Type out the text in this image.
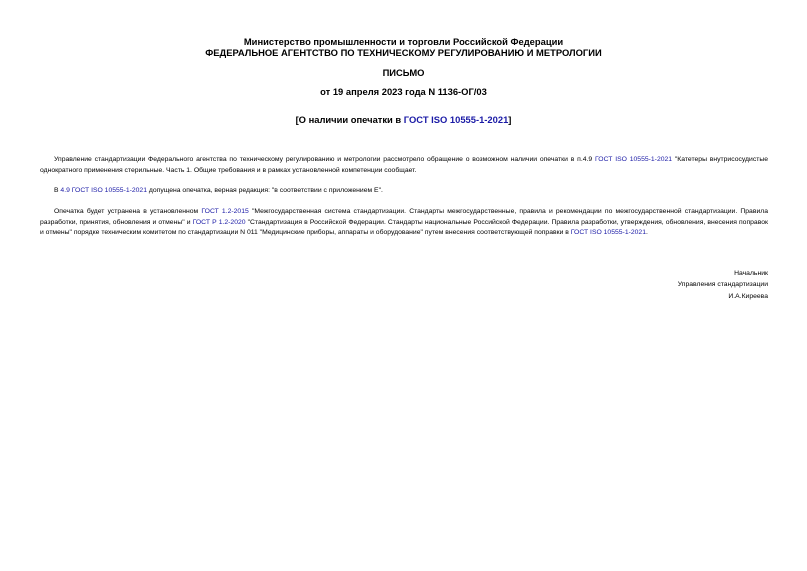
Министерство промышленности и торговли Российской Федерации
ФЕДЕРАЛЬНОЕ АГЕНТСТВО ПО ТЕХНИЧЕСКОМУ РЕГУЛИРОВАНИЮ И МЕТРОЛОГИИ
ПИСЬМО
от 19 апреля 2023 года N 1136-ОГ/03
[О наличии опечатки в ГОСТ ISO 10555-1-2021]
Управление стандартизации Федерального агентства по техническому регулированию и метрологии рассмотрело обращение о возможном наличии опечатки в п.4.9 ГОСТ ISO 10555-1-2021 "Катетеры внутрисосудистые однократного применения стерильные. Часть 1. Общие требования и в рамках установленной компетенции сообщает.
В 4.9 ГОСТ ISO 10555-1-2021 допущена опечатка, верная редакция: "в соответствии с приложением Е".
Опечатка будет устранена в установленном ГОСТ 1.2-2015 "Межгосударственная система стандартизации. Стандарты межгосударственные, правила и рекомендации по межгосударственной стандартизации. Правила разработки, принятия, обновления и отмены" и ГОСТ Р 1.2-2020 "Стандартизация в Российской Федерации. Стандарты национальные Российской Федерации. Правила разработки, утверждения, обновления, внесения поправок и отмены" порядке техническим комитетом по стандартизации N 011 "Медицинские приборы, аппараты и оборудование" путем внесения соответствующей поправки в ГОСТ ISO 10555-1-2021.
Начальник
Управления стандартизации
И.А.Киреева
